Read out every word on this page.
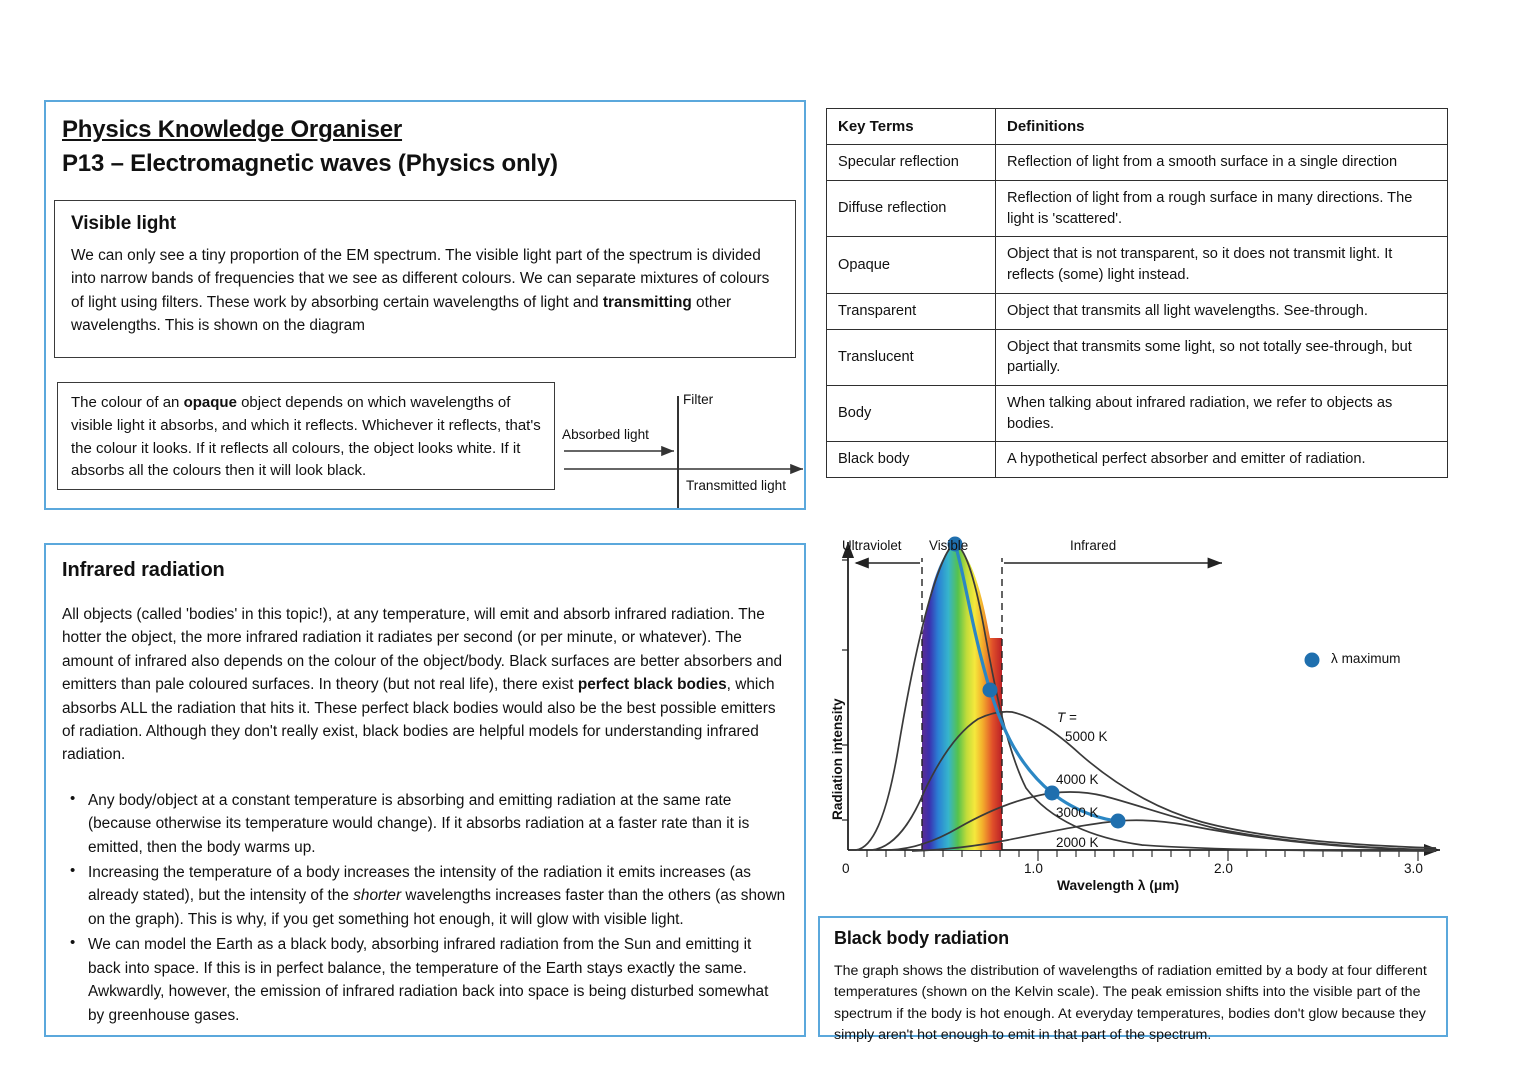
Physics Knowledge Organiser
P13 – Electromagnetic waves (Physics only)
Visible light
We can only see a tiny proportion of the EM spectrum. The visible light part of the spectrum is divided into narrow bands of frequencies that we see as different colours. We can separate mixtures of colours of light using filters. These work by absorbing certain wavelengths of light and transmitting other wavelengths. This is shown on the diagram
The colour of an opaque object depends on which wavelengths of visible light it absorbs, and which it reflects. Whichever it reflects, that's the colour it looks. If it reflects all colours, the object looks white. If it absorbs all the colours then it will look black.
Filter
Absorbed light
Transmitted light
Infrared radiation
All objects (called 'bodies' in this topic!), at any temperature, will emit and absorb infrared radiation. The hotter the object, the more infrared radiation it radiates per second (or per minute, or whatever). The amount of infrared also depends on the colour of the object/body. Black surfaces are better absorbers and emitters than pale coloured surfaces. In theory (but not real life), there exist perfect black bodies, which absorbs ALL the radiation that hits it. These perfect black bodies would also be the best possible emitters of radiation. Although they don't really exist, black bodies are helpful models for understanding infrared radiation.
• Any body/object at a constant temperature is absorbing and emitting radiation at the same rate (because otherwise its temperature would change). If it absorbs radiation at a faster rate than it is emitted, then the body warms up.
• Increasing the temperature of a body increases the intensity of the radiation it emits increases (as already stated), but the intensity of the shorter wavelengths increases faster than the others (as shown on the graph). This is why, if you get something hot enough, it will glow with visible light.
• We can model the Earth as a black body, absorbing infrared radiation from the Sun and emitting it back into space. If this is in perfect balance, the temperature of the Earth stays exactly the same. Awkwardly, however, the emission of infrared radiation back into space is being disturbed somewhat by greenhouse gases.
Key Terms	Definitions
Specular reflection	Reflection of light from a smooth surface in a single direction
Diffuse reflection	Reflection of light from a rough surface in many directions. The light is 'scattered'.
Opaque	Object that is not transparent, so it does not transmit light. It reflects (some) light instead.
Transparent	Object that transmits all light wavelengths. See-through.
Translucent	Object that transmits some light, so not totally see-through, but partially.
Body	When talking about infrared radiation, we refer to objects as bodies.
Black body	A hypothetical perfect absorber and emitter of radiation.
Radiation intensity
Ultraviolet Visible	Infrared
T =
5000 K
4000 K
3000 K
2000 K
λ maximum
0	1.0	2.0	3.0
Wavelength λ (μm)
Black body radiation
The graph shows the distribution of wavelengths of radiation emitted by a body at four different temperatures (shown on the Kelvin scale). The peak emission shifts into the visible part of the spectrum if the body is hot enough. At everyday temperatures, bodies don't glow because they simply aren't hot enough to emit in that part of the spectrum.
